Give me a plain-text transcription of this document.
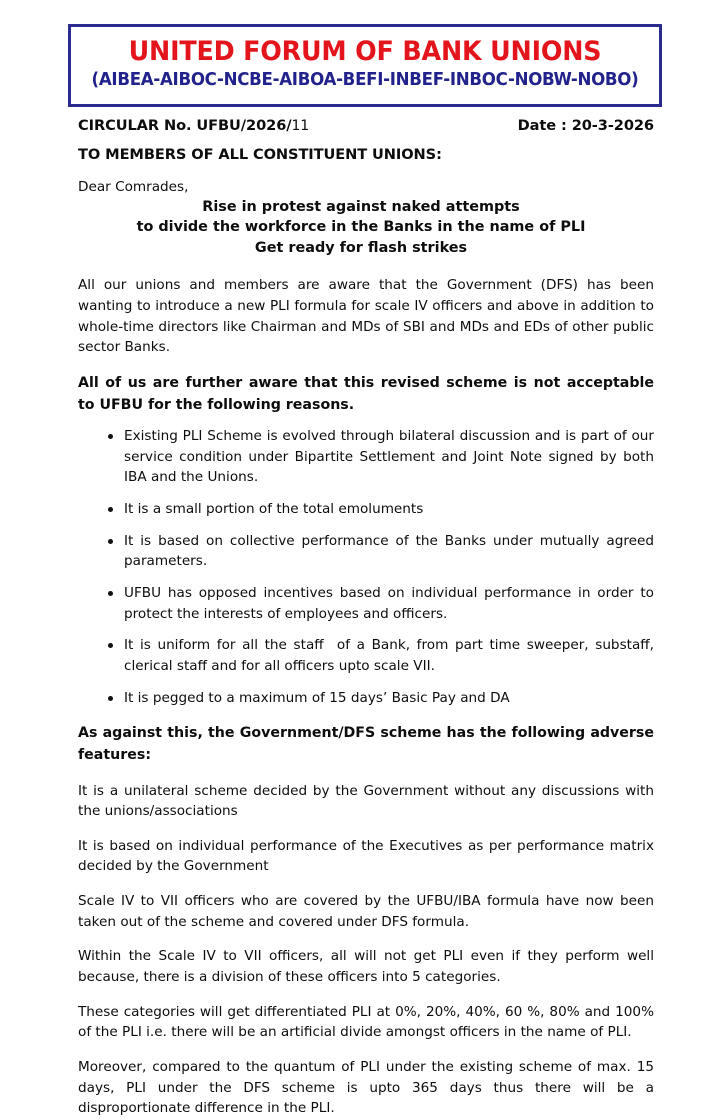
UNITED FORUM OF BANK UNIONS
(AIBEA-AIBOC-NCBE-AIBOA-BEFI-INBEF-INBOC-NOBW-NOBO)
CIRCULAR No. UFBU/2026/11	Date : 20-3-2026
TO MEMBERS OF ALL CONSTITUENT UNIONS:
Dear Comrades,
Rise in protest against naked attempts
to divide the workforce in the Banks in the name of PLI
Get ready for flash strikes

All our unions and members are aware that the Government (DFS) has been wanting to introduce a new PLI formula for scale IV officers and above in addition to whole-time directors like Chairman and MDs of SBI and MDs and EDs of other public sector Banks.

All of us are further aware that this revised scheme is not acceptable to UFBU for the following reasons.

Existing PLI Scheme is evolved through bilateral discussion and is part of our service condition under Bipartite Settlement and Joint Note signed by both IBA and the Unions.
It is a small portion of the total emoluments
It is based on collective performance of the Banks under mutually agreed parameters.
UFBU has opposed incentives based on individual performance in order to protect the interests of employees and officers.
It is uniform for all the staff  of a Bank, from part time sweeper, substaff, clerical staff and for all officers upto scale VII.
It is pegged to a maximum of 15 days’ Basic Pay and DA

As against this, the Government/DFS scheme has the following adverse features:

It is a unilateral scheme decided by the Government without any discussions with the unions/associations

It is based on individual performance of the Executives as per performance matrix decided by the Government

Scale IV to VII officers who are covered by the UFBU/IBA formula have now been taken out of the scheme and covered under DFS formula.

Within the Scale IV to VII officers, all will not get PLI even if they perform well because, there is a division of these officers into 5 categories.

These categories will get differentiated PLI at 0%, 20%, 40%, 60 %, 80% and 100% of the PLI i.e. there will be an artificial divide amongst officers in the name of PLI.

Moreover, compared to the quantum of PLI under the existing scheme of max. 15 days, PLI under the DFS scheme is upto 365 days thus there will be a disproportionate difference in the PLI.
